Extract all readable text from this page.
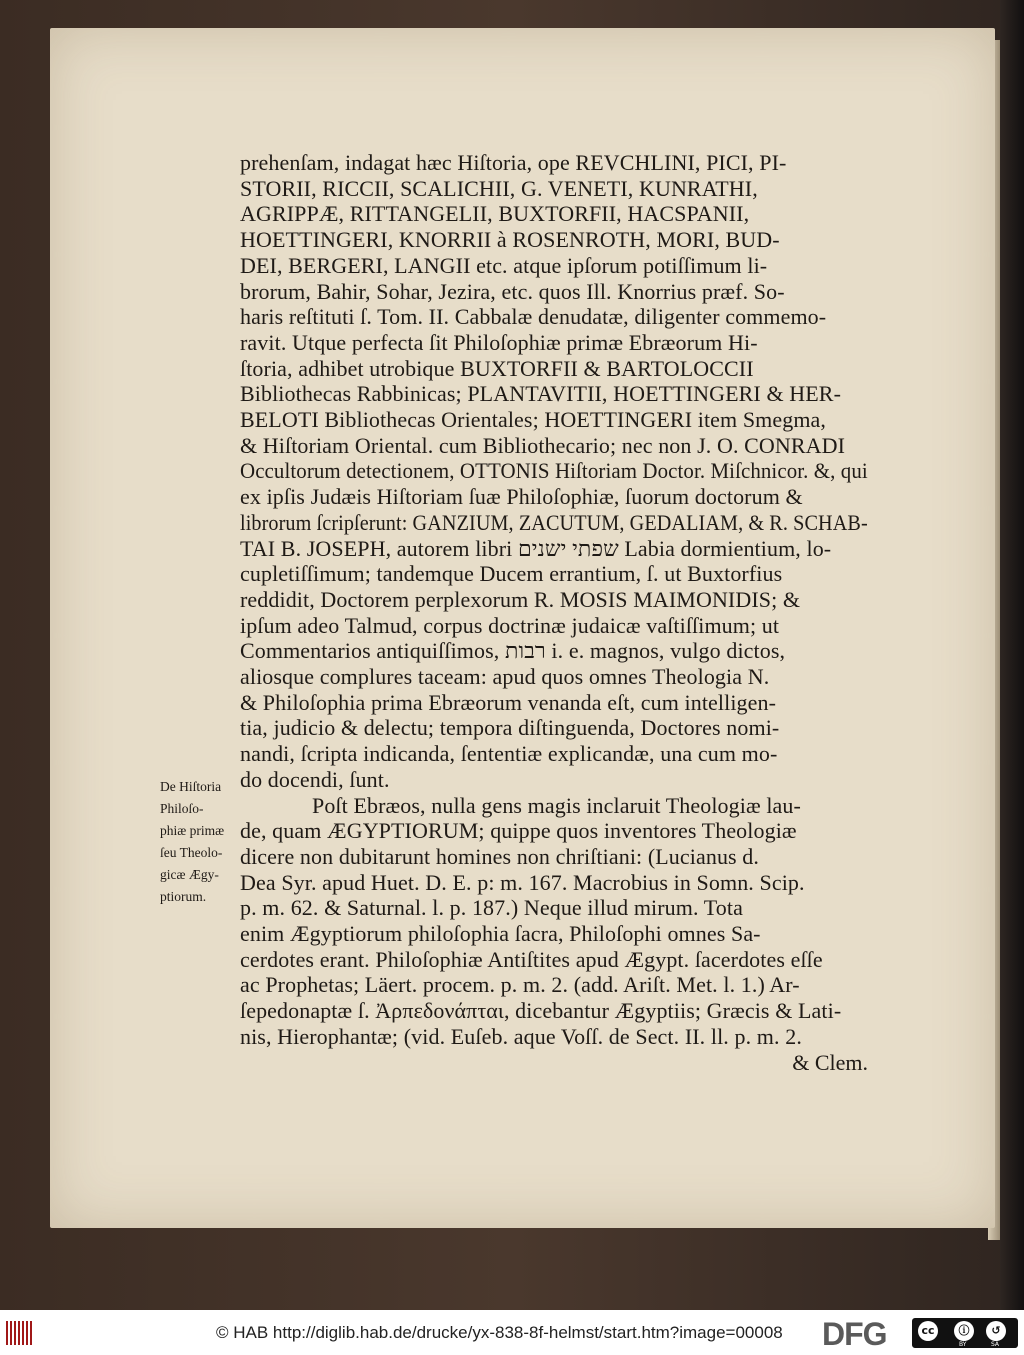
prehenſam, indagat hæc Hiſtoria, ope REVCHLINI, PICI, PI-
STORII, RICCII, SCALICHII, G. VENETI, KUNRATHI,
AGRIPPÆ, RITTANGELII, BUXTORFII, HACSPANII,
HOETTINGERI, KNORRII à ROSENROTH, MORI, BUD-
DEI, BERGERI, LANGII etc. atque ipſorum potiſſimum li-
brorum, Bahir, Sohar, Jezira, etc. quos Ill. Knorrius præf. So-
haris reſtituti ſ. Tom. II. Cabbalæ denudatæ, diligenter commemo-
ravit. Utque perfecta ſit Philoſophiæ primæ Ebræorum Hi-
ſtoria, adhibet utrobique BUXTORFII & BARTOLOCCII
Bibliothecas Rabbinicas; PLANTAVITII, HOETTINGERI & HER-
BELOTI Bibliothecas Orientales; HOETTINGERI item Smegma,
& Hiſtoriam Oriental. cum Bibliothecario; nec non J. O. CONRADI
Occultorum detectionem, OTTONIS Hiſtoriam Doctor. Miſchnicor. &, qui
ex ipſis Judæis Hiſtoriam ſuæ Philoſophiæ, ſuorum doctorum &
librorum ſcripſerunt: GANZIUM, ZACUTUM, GEDALIAM, & R. SCHAB-
TAI B. JOSEPH, autorem libri שפתי ישנים Labia dormientium, lo-
cupletiſſimum; tandemque Ducem errantium, ſ. ut Buxtorfius
reddidit, Doctorem perplexorum R. MOSIS MAIMONIDIS; &
ipſum adeo Talmud, corpus doctrinæ judaicæ vaſtiſſimum; ut
Commentarios antiquiſſimos, רבות i. e. magnos, vulgo dictos,
aliosque complures taceam: apud quos omnes Theologia N.
& Philoſophia prima Ebræorum venanda eſt, cum intelligen-
tia, judicio & delectu; tempora diſtinguenda, Doctores nomi-
nandi, ſcripta indicanda, ſententiæ explicandæ, una cum mo-
do docendi, ſunt.
Poſt Ebræos, nulla gens magis inclaruit Theologiæ lau-
de, quam ÆGYPTIORUM; quippe quos inventores Theologiæ
dicere non dubitarunt homines non chriſtiani: (Lucianus d.
Dea Syr. apud Huet. D. E. p: m. 167. Macrobius in Somn. Scip.
p. m. 62. & Saturnal. l. p. 187.) Neque illud mirum. Tota
enim Ægyptiorum philoſophia ſacra, Philoſophi omnes Sa-
cerdotes erant. Philoſophiæ Antiſtites apud Ægypt. ſacerdotes eſſe
ac Prophetas; Läert. procem. p. m. 2. (add. Ariſt. Met. l. 1.) Ar-
ſepedonaptæ ſ. Ἀρπεδονάπται, dicebantur Ægyptiis; Græcis & Lati-
nis, Hierophantæ; (vid. Euſeb. aque Voſſ. de Sect. II. ll. p. m. 2.
& Clem.
De Hiſtoria
Philoſo-
phiæ primæ
ſeu Theolo-
gicæ Ægy-
ptiorum.
© HAB http://diglib.hab.de/drucke/yx-838-8f-helmst/start.htm?image=00008 DFG	cc	ⓘ	↺
BY	SA
